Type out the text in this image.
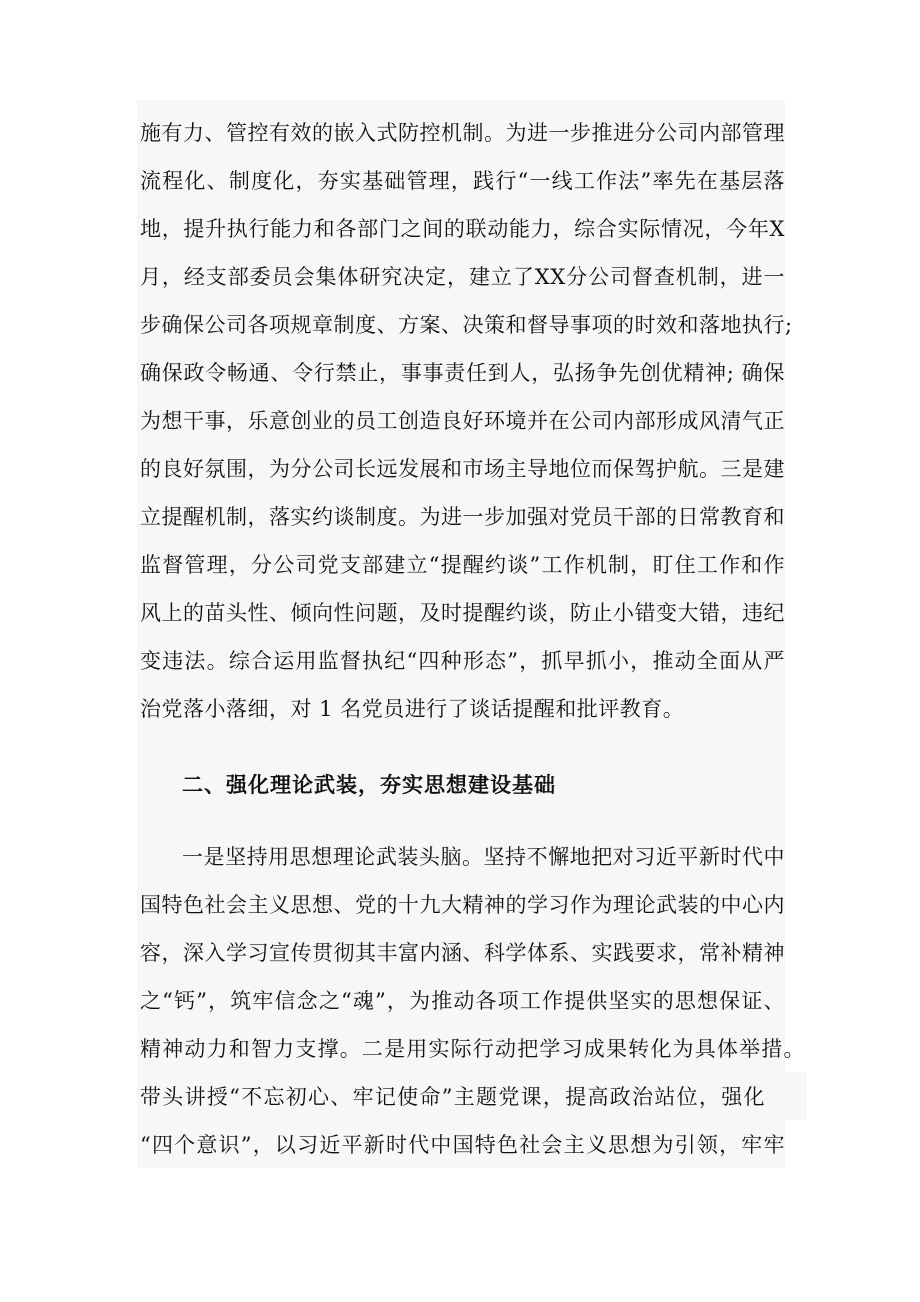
施有力、管控有效的嵌入式防控机制。为进一步推进分公司内部管理

流程化、制度化，夯实基础管理，践行“一线工作法”率先在基层落

地，提升执行能力和各部门之间的联动能力，综合实际情况，今年X

月，经支部委员会集体研究决定，建立了XX分公司督查机制，进一

步确保公司各项规章制度、方案、决策和督导事项的时效和落地执行;

确保政令畅通、令行禁止，事事责任到人，弘扬争先创优精神; 确保

为想干事，乐意创业的员工创造良好环境并在公司内部形成风清气正

的良好氛围，为分公司长远发展和市场主导地位而保驾护航。三是建

立提醒机制，落实约谈制度。为进一步加强对党员干部的日常教育和

监督管理，分公司党支部建立“提醒约谈”工作机制，盯住工作和作

风上的苗头性、倾向性问题，及时提醒约谈，防止小错变大错，违纪

变违法。综合运用监督执纪“四种形态”，抓早抓小，推动全面从严

治党落小落细，对 1 名党员进行了谈话提醒和批评教育。

二、强化理论武装，夯实思想建设基础

一是坚持用思想理论武装头脑。坚持不懈地把对习近平新时代中

国特色社会主义思想、党的十九大精神的学习作为理论武装的中心内

容，深入学习宣传贯彻其丰富内涵、科学体系、实践要求，常补精神

之“钙”，筑牢信念之“魂”，为推动各项工作提供坚实的思想保证、

精神动力和智力支撑。二是用实际行动把学习成果转化为具体举措。

带头讲授“不忘初心、牢记使命”主题党课，提高政治站位，强化

“四个意识”，以习近平新时代中国特色社会主义思想为引领，牢牢
